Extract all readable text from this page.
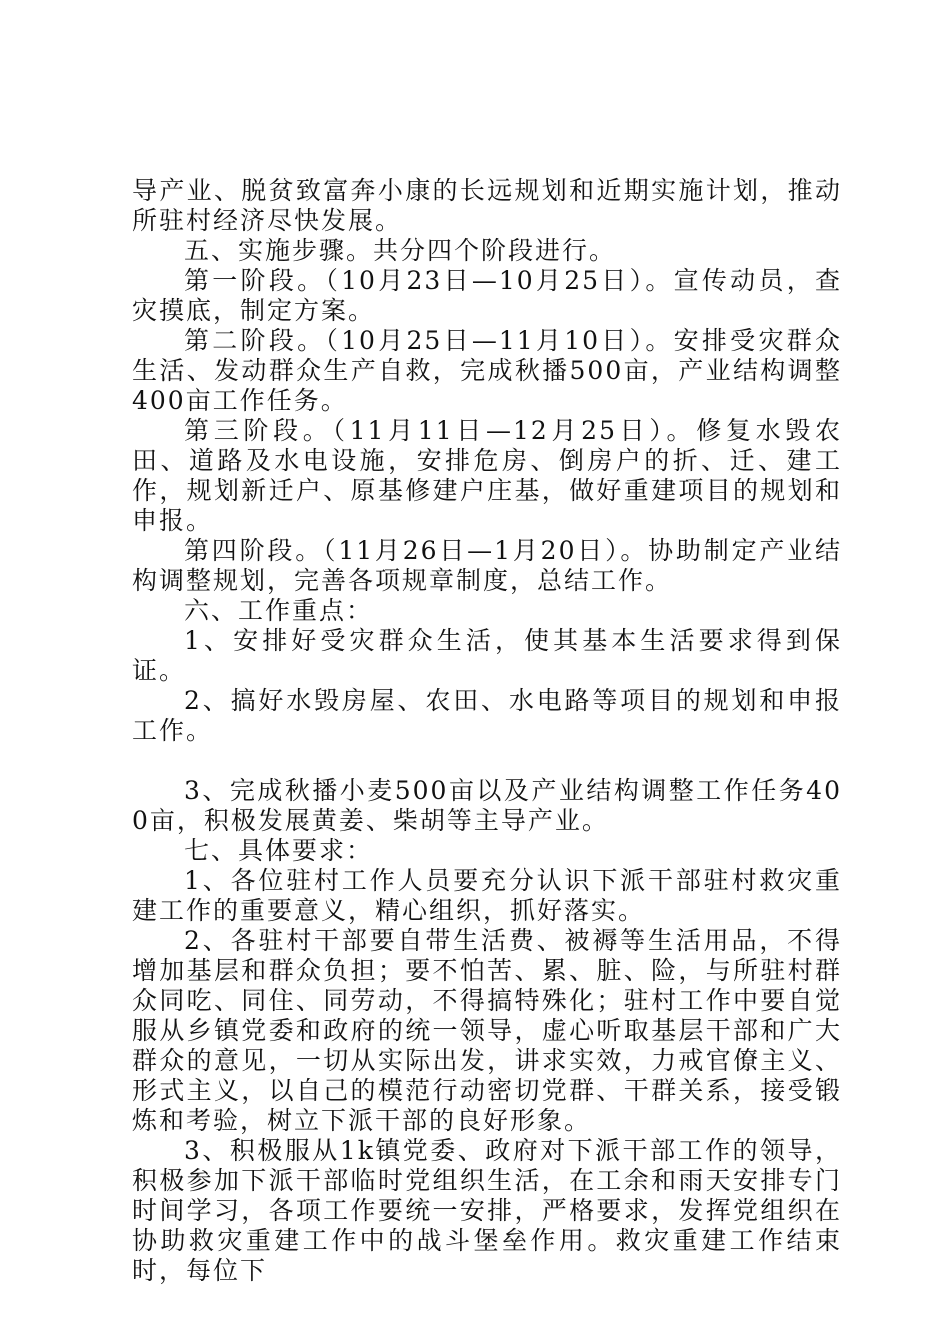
导产业、脱贫致富奔小康的长远规划和近期实施计划，推动所驻村经济尽快发展。

五、实施步骤。共分四个阶段进行。

第一阶段。（10月23日—10月25日）。宣传动员，查灾摸底，制定方案。

第二阶段。（10月25日—11月10日）。安排受灾群众生活、发动群众生产自救，完成秋播500亩，产业结构调整400亩工作任务。

第三阶段。（11月11日—12月25日）。修复水毁农田、道路及水电设施，安排危房、倒房户的折、迁、建工作，规划新迁户、原基修建户庄基，做好重建项目的规划和申报。

第四阶段。（11月26日—1月20日）。协助制定产业结构调整规划，完善各项规章制度，总结工作。

六、工作重点：

1、安排好受灾群众生活，使其基本生活要求得到保证。

2、搞好水毁房屋、农田、水电路等项目的规划和申报工作。

3、完成秋播小麦500亩以及产业结构调整工作任务400亩，积极发展黄姜、柴胡等主导产业。

七、具体要求：

1、各位驻村工作人员要充分认识下派干部驻村救灾重建工作的重要意义，精心组织，抓好落实。

2、各驻村干部要自带生活费、被褥等生活用品，不得增加基层和群众负担；要不怕苦、累、脏、险，与所驻村群众同吃、同住、同劳动，不得搞特殊化；驻村工作中要自觉服从乡镇党委和政府的统一领导，虚心听取基层干部和广大群众的意见，一切从实际出发，讲求实效，力戒官僚主义、形式主义，以自己的模范行动密切党群、干群关系，接受锻炼和考验，树立下派干部的良好形象。

3、积极服从1k镇党委、政府对下派干部工作的领导，积极参加下派干部临时党组织生活，在工余和雨天安排专门时间学习，各项工作要统一安排，严格要求，发挥党组织在协助救灾重建工作中的战斗堡垒作用。救灾重建工作结束时，每位下
